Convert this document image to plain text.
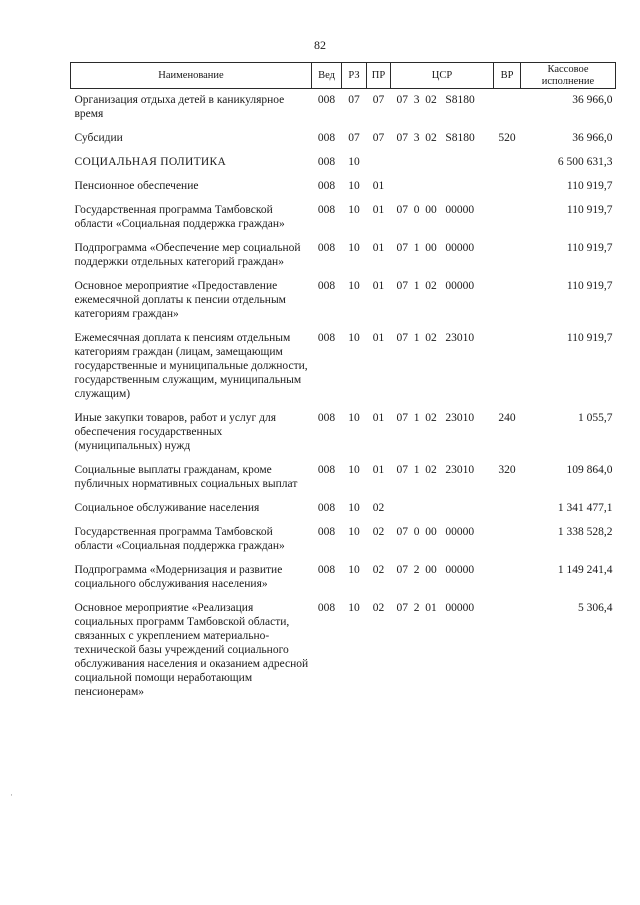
82
Наименование	Вед	РЗ	ПР	ЦСР	ВР	Кассовое исполнение
Организация отдыха детей в каникулярное время	008	07	07	07  3  02   S8180		36 966,0
Субсидии	008	07	07	07  3  02   S8180	520	36 966,0
СОЦИАЛЬНАЯ ПОЛИТИКА	008	10				6 500 631,3
Пенсионное обеспечение	008	10	01			110 919,7
Государственная программа Тамбовской области «Социальная поддержка граждан»	008	10	01	07  0  00   00000		110 919,7
Подпрограмма «Обеспечение мер социальной поддержки отдельных категорий граждан»	008	10	01	07  1  00   00000		110 919,7
Основное мероприятие «Предоставление ежемесячной доплаты к пенсии отдельным категориям граждан»	008	10	01	07  1  02   00000		110 919,7
Ежемесячная доплата к пенсиям отдельным категориям граждан (лицам, замещающим государственные и муниципальные должности, государственным служащим, муниципальным служащим)	008	10	01	07  1  02   23010		110 919,7
Иные закупки товаров, работ и услуг для обеспечения государственных (муниципальных) нужд	008	10	01	07  1  02   23010	240	1 055,7
Социальные выплаты гражданам, кроме публичных нормативных социальных выплат	008	10	01	07  1  02   23010	320	109 864,0
Социальное обслуживание населения	008	10	02			1 341 477,1
Государственная программа Тамбовской области «Социальная поддержка граждан»	008	10	02	07  0  00   00000		1 338 528,2
Подпрограмма «Модернизация и развитие социального обслуживания населения»	008	10	02	07  2  00   00000		1 149 241,4
Основное мероприятие «Реализация социальных программ Тамбовской области, связанных с укреплением материально-технической базы учреждений социального обслуживания населения и оказанием адресной социальной помощи неработающим пенсионерам»	008	10	02	07  2  01   00000		5 306,4
·
